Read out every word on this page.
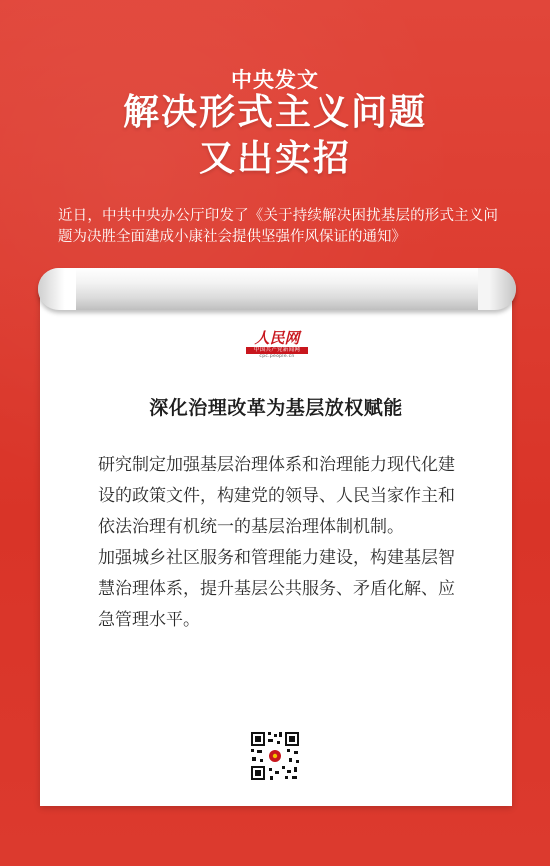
中央发文
解决形式主义问题
又出实招
近日，中共中央办公厅印发了《关于持续解决困扰基层的形式主义问题为决胜全面建成小康社会提供坚强作风保证的通知》
人民网
中国共产党新闻网
cpc.people.cn
深化治理改革为基层放权赋能

研究制定加强基层治理体系和治理能力现代化建设的政策文件，构建党的领导、人民当家作主和依法治理有机统一的基层治理体制机制。

加强城乡社区服务和管理能力建设，构建基层智慧治理体系，提升基层公共服务、矛盾化解、应急管理水平。
